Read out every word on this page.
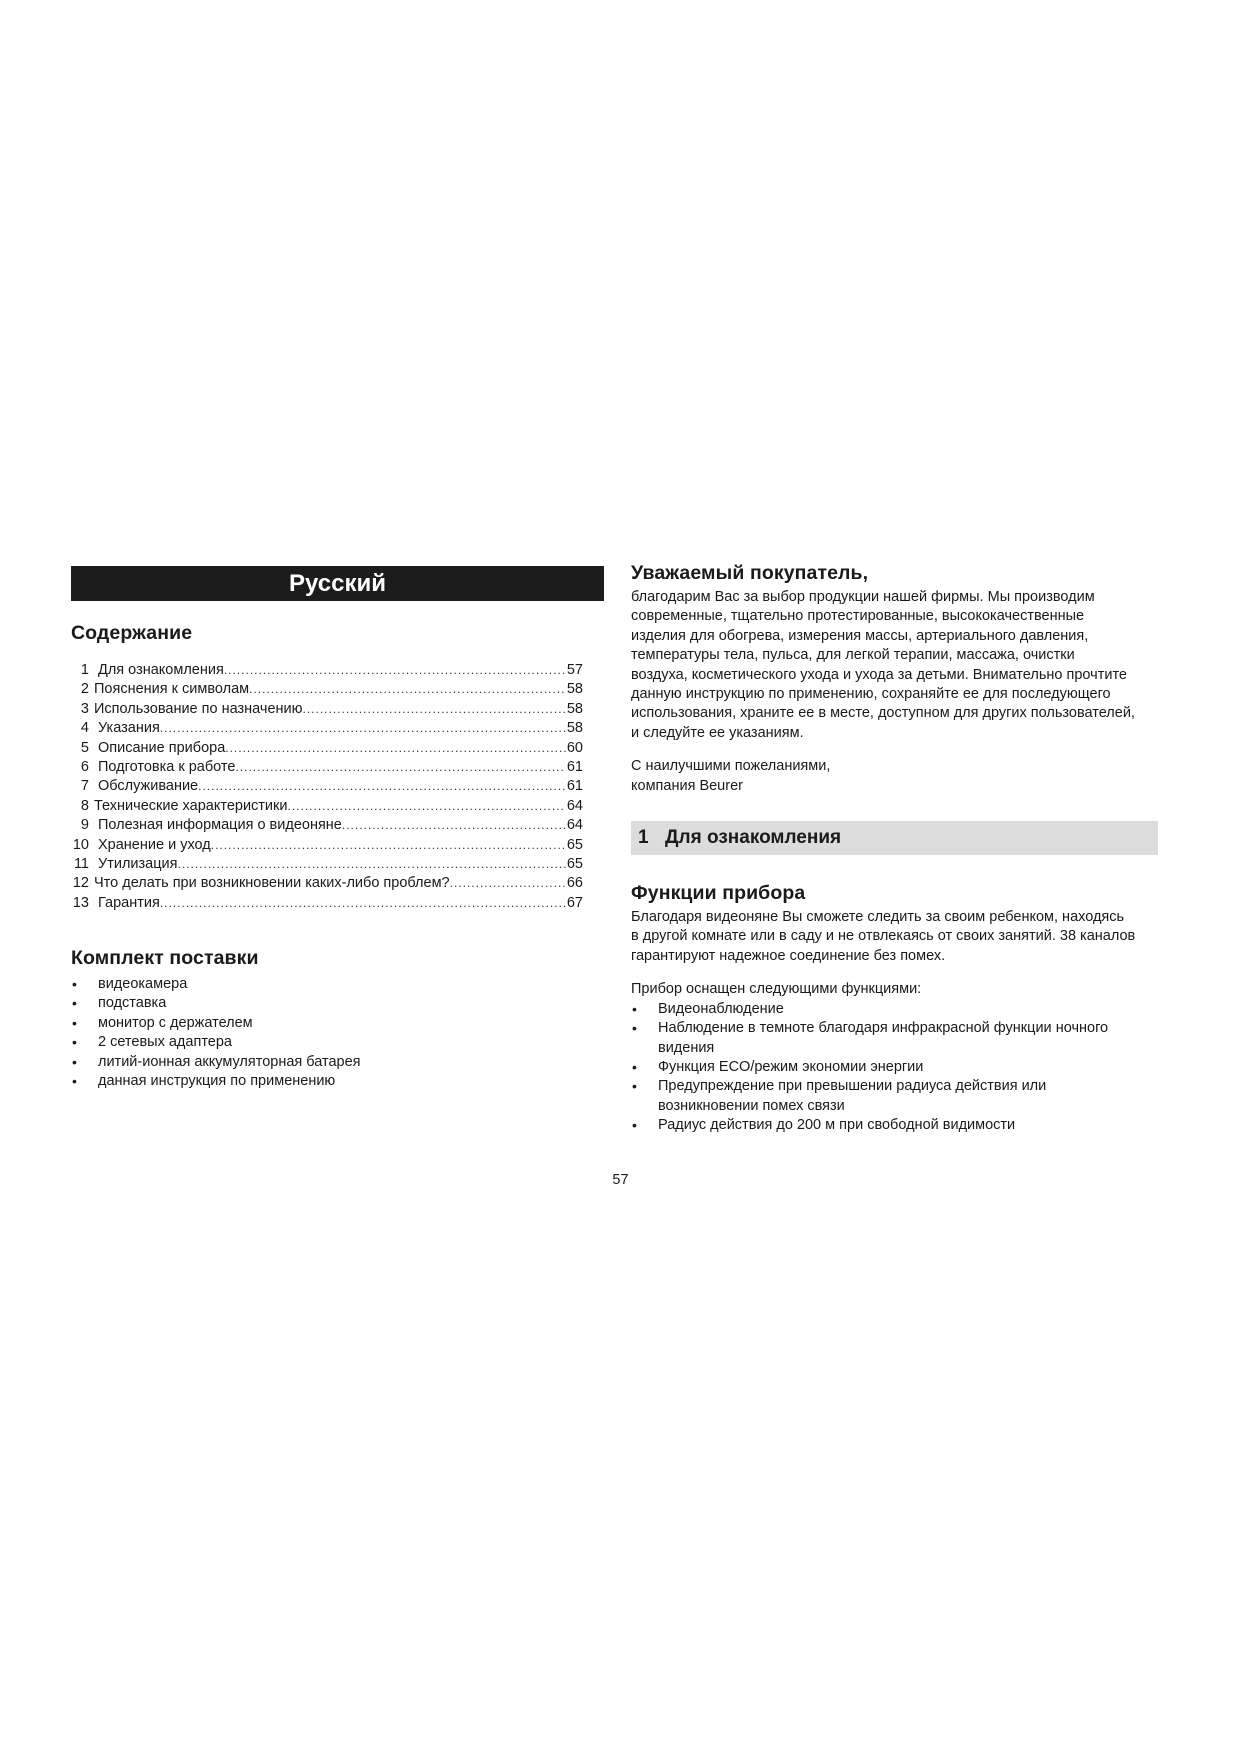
Русский
Содержание
1 Для ознакомления .....	57
2 Пояснения к символам .....	58
3 Использование по назначению .....	58
4 Указания .....	58
5 Описание прибора .....	60
6 Подготовка к работе .....	61
7 Обслуживание .....	61
8 Технические характеристики .....	64
9 Полезная информация о видеоняне .....	64
10 Хранение и уход .....	65
11 Утилизация .....	65
12 Что делать при возникновении каких-либо проблем? .....	66
13 Гарантия .....	67
Комплект поставки
• видеокамера
• подставка
• монитор с держателем
• 2 сетевых адаптера
• литий-ионная аккумуляторная батарея
• данная инструкция по применению
Уважаемый покупатель,

благодарим Вас за выбор продукции нашей фирмы. Мы производим

современные, тщательно протестированные, высококачественные

изделия для обогрева, измерения массы, артериального давления,

температуры тела, пульса, для легкой терапии, массажа, очистки

воздуха, косметического ухода и ухода за детьми. Внимательно прочтите

данную инструкцию по применению, сохраняйте ее для последующего

использования, храните ее в месте, доступном для других пользователей,

и следуйте ее указаниям.

С наилучшими пожеланиями,

компания Beurer

1 Для ознакомления
Функции прибора

Благодаря видеоняне Вы сможете следить за своим ребенком, находясь

в другой комнате или в саду и не отвлекаясь от своих занятий. 38 каналов

гарантируют надежное соединение без помех.

Прибор оснащен следующими функциями:

• Видеонаблюдение
• Наблюдение в темноте благодаря инфракрасной функции ночного
видения
• Функция ECO/режим экономии энергии
• Предупреждение при превышении радиуса действия или
возникновении помех связи
• Радиус действия до 200 м при свободной видимости
57
